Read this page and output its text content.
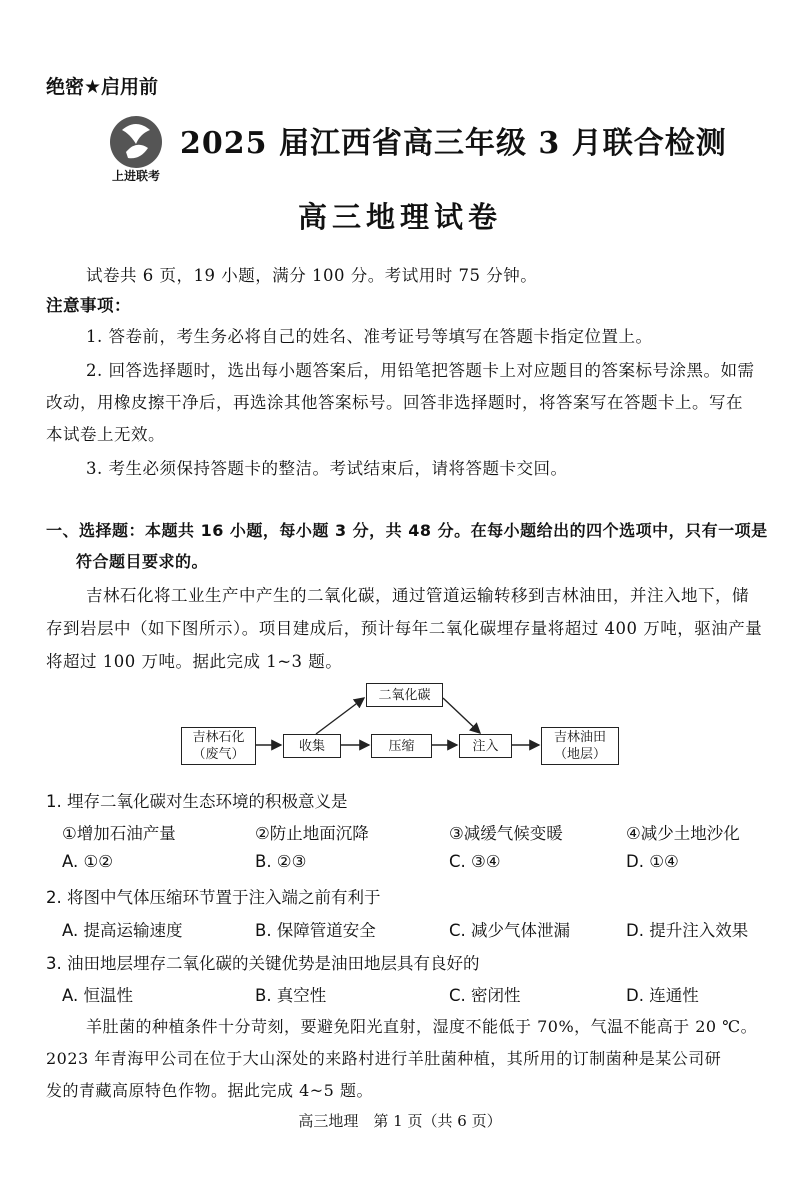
绝密★启用前
上进联考
2025 届江西省高三年级 3 月联合检测
高三地理试卷
试卷共 6 页，19 小题，满分 100 分。考试用时 75 分钟。
注意事项：
1. 答卷前，考生务必将自己的姓名、准考证号等填写在答题卡指定位置上。
2. 回答选择题时，选出每小题答案后，用铅笔把答题卡上对应题目的答案标号涂黑。如需
改动，用橡皮擦干净后，再选涂其他答案标号。回答非选择题时，将答案写在答题卡上。写在
本试卷上无效。
3. 考生必须保持答题卡的整洁。考试结束后，请将答题卡交回。
一、选择题：本题共 16 小题，每小题 3 分，共 48 分。在每小题给出的四个选项中，只有一项是
符合题目要求的。
吉林石化将工业生产中产生的二氧化碳，通过管道运输转移到吉林油田，并注入地下，储
存到岩层中（如下图所示）。项目建成后，预计每年二氧化碳埋存量将超过 400 万吨，驱油产量
将超过 100 万吨。据此完成 1~3 题。
吉林石化
（废气）
收集	压缩	注入
二氧化碳
吉林油田
（地层）
1. 埋存二氧化碳对生态环境的积极意义是
①增加石油产量	②防止地面沉降	③减缓气候变暖	④减少土地沙化
A. ①②	B. ②③	C. ③④	D. ①④
2. 将图中气体压缩环节置于注入端之前有利于
A. 提高运输速度	B. 保障管道安全	C. 减少气体泄漏	D. 提升注入效果
3. 油田地层埋存二氧化碳的关键优势是油田地层具有良好的
A. 恒温性	B. 真空性	C. 密闭性	D. 连通性
羊肚菌的种植条件十分苛刻，要避免阳光直射，湿度不能低于 70%，气温不能高于 20 ℃。
2023 年青海甲公司在位于大山深处的来路村进行羊肚菌种植，其所用的订制菌种是某公司研
发的青藏高原特色作物。据此完成 4~5 题。
高三地理　第 1 页（共 6 页）
